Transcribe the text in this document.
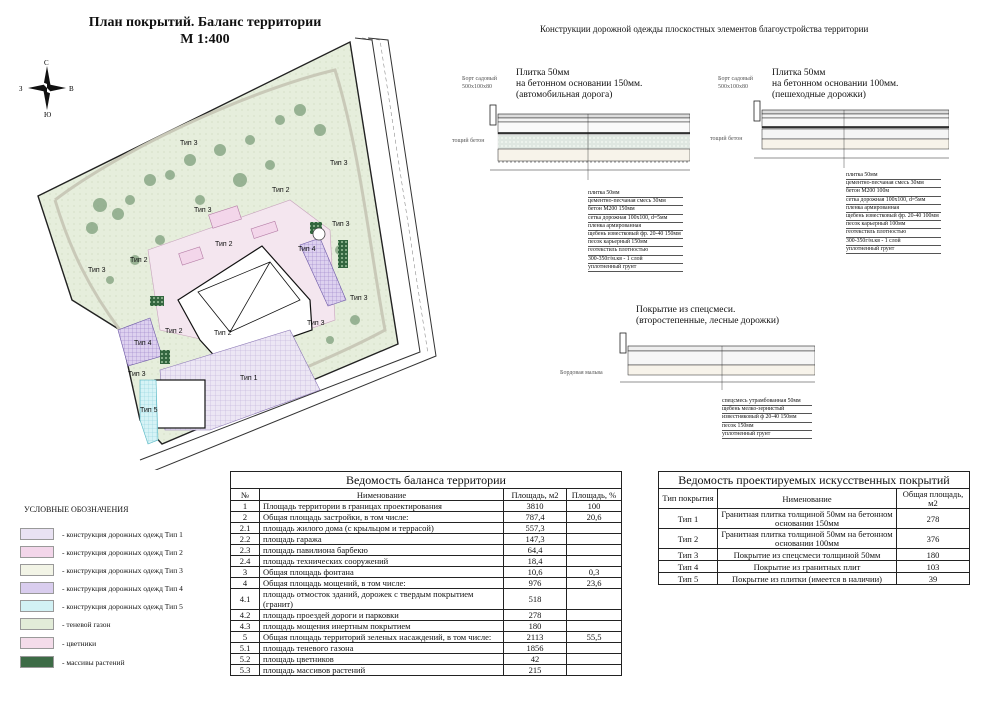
План покрытий. Баланс территории
М 1:400
С
З	В
Ю
Тип 3
Тип 3
Тип 2
Тип 3
Тип 3
Тип 2
Тип 2
Тип 3
Тип 4
Тип 3
Тип 3
Тип 2
Тип 4
Тип 2
Тип 1
Тип 3
Тип 5
Конструкции дорожной одежды плоскостных элементов благоустройства территории
Плитка 50мм
на бетонном основании 150мм.
(автомобильная дорога)
Борт садовый
500х100х80
тощий бетон
плитка 50мм
цементно-песчаная смесь 30мм
бетон М200 150мм
сетка дорожная 100х100, d=5мм
пленка армированная
щебень известковый фр. 20-40 150мм
песок карьерный 150мм
геотекстиль плотностью
300-350г/м.кв - 1 слой
уплотненный грунт
Плитка 50мм
на бетонном основании 100мм.
(пешеходные дорожки)
Борт садовый
500х100х80
тощий бетон
плитка 50мм
цементно-песчаная смесь 30мм
бетон М200 100м
сетка дорожная 100х100, d=5мм
пленка армированная
щебень известковый фр. 20-40 100мм
песок карьерный 100мм
геотекстиль плотностью
300-350г/м.кв - 1 слой
уплотненный грунт
Покрытие из спецсмеси.
(второстепенные, лесные дорожки)
Бордовая мальва
спецсмесь утрамбованная 50мм
щебень мелко-зернистый
известняковый ф 20-40 150мм
песок 150мм
уплотненный грунт
УСЛОВНЫЕ ОБОЗНАЧЕНИЯ
- конструкция дорожных одежд Тип 1
- конструкция дорожных одежд Тип 2
- конструкция дорожных одежд Тип 3
- конструкция дорожных одежд Тип 4
- конструкция дорожных одежд Тип 5
- теневой газон
- цветники
- массивы растений
Ведомость баланса территории			
№	Нименование	Площадь, м2	Площадь, %
1	Площадь территории в границах проектирования	3810	100
2	Общая площадь застройки, в том числе:	787,4	20,6
2.1	площадь жилого дома (с крыльцом и террасой)	557,3	
2.2	площадь гаража	147,3	
2.3	площадь павилиона барбекю	64,4	
2.4	площадь технических сооружений	18,4	
3	Общая площадь фонтана	10,6	0,3
4	Общая площадь мощений, в том числе:	976	23,6
4.1	площадь отмосток зданий, дорожек с твердым покрытием (гранит)	518	
4.2	площадь проездей дороги и парковки	278	
4.3	площадь мощения инертным покрытием	180	
5	Общая площадь территорий зеленых насаждений, в том числе:	2113	55,5
5.1	площадь теневого газона	1856	
5.2	площадь цветников	42	
5.3	площадь массивов растений	215	
Ведомость проектируемых искусственных покрытий		
Тип покрытия	Нименование	Общая площадь, м2
Тип 1	Гранитная плитка толщиной 50мм на бетонном основании 150мм	278
Тип 2	Гранитная плитка толщиной 50мм на бетонном основании 100мм	376
Тип 3	Покрытие из спецсмеси толщиной 50мм	180
Тип 4	Покрытие из гранитных плит	103
Тип 5	Покрытие из плитки (имеется в наличии)	39
